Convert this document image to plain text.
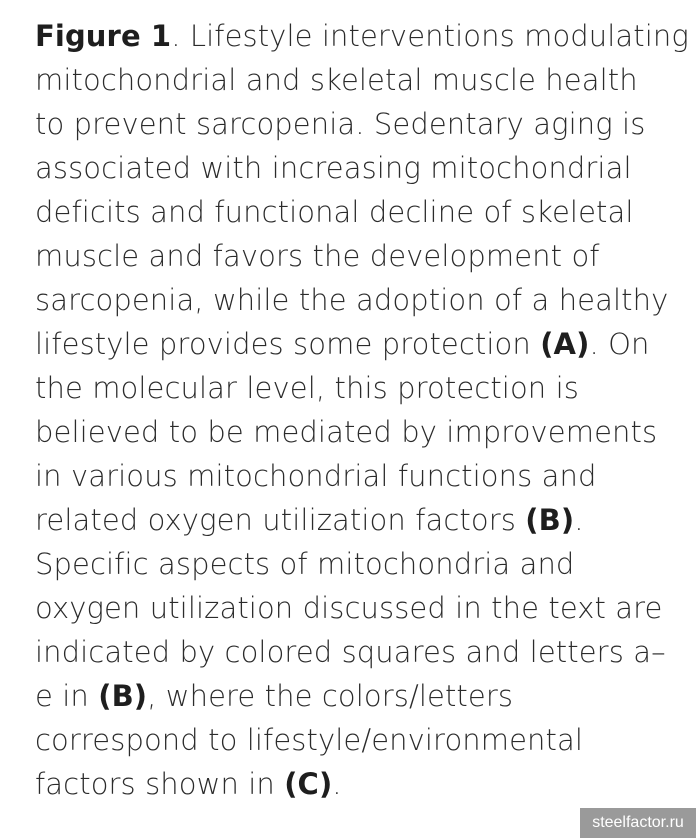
Figure 1. Lifestyle interventions modulating
mitochondrial and skeletal muscle health
to prevent sarcopenia. Sedentary aging is
associated with increasing mitochondrial
deficits and functional decline of skeletal
muscle and favors the development of
sarcopenia, while the adoption of a healthy
lifestyle provides some protection (A). On
the molecular level, this protection is
believed to be mediated by improvements
in various mitochondrial functions and
related oxygen utilization factors (B).
Specific aspects of mitochondria and
oxygen utilization discussed in the text are
indicated by colored squares and letters a–
e in (B), where the colors/letters
correspond to lifestyle/environmental
factors shown in (C).
steelfactor.ru
